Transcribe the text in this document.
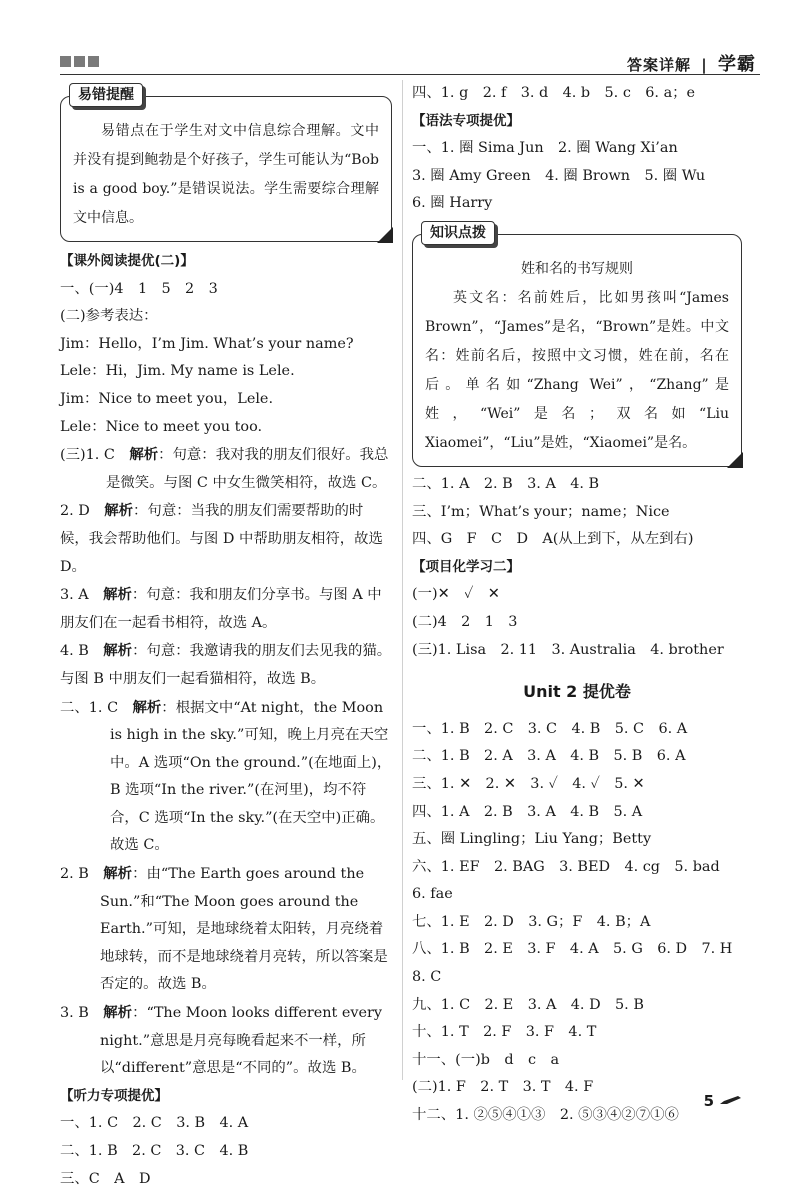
答案详解 | 学霸
易错提醒

易错点在于学生对文中信息综合理解。文中并没有提到鲍勃是个好孩子，学生可能认为“Bob is a good boy.”是错误说法。学生需要综合理解文中信息。

【课外阅读提优(二)】
一、(一)4　1　5　2　3
(二)参考表达：
Jim：Hello，I’m Jim. What’s your name?
Lele：Hi，Jim. My name is Lele.
Jim：Nice to meet you，Lele.
Lele：Nice to meet you too.
(三)1. C　解析：句意：我对我的朋友们很好。我总是微笑。与图 C 中女生微笑相符，故选 C。
2. D　解析：句意：当我的朋友们需要帮助的时候，我会帮助他们。与图 D 中帮助朋友相符，故选 D。
3. A　解析：句意：我和朋友们分享书。与图 A 中朋友们在一起看书相符，故选 A。
4. B　解析：句意：我邀请我的朋友们去见我的猫。与图 B 中朋友们一起看猫相符，故选 B。
二、1. C　解析：根据文中“At night，the Moon is high in the sky.”可知，晚上月亮在天空中。A 选项“On the ground.”(在地面上)，B 选项“In the river.”(在河里)，均不符合，C 选项“In the sky.”(在天空中)正确。故选 C。
2. B　解析：由“The Earth goes around the Sun.”和“The Moon goes around the Earth.”可知，是地球绕着太阳转，月亮绕着地球转，而不是地球绕着月亮转，所以答案是否定的。故选 B。
3. B　解析：“The Moon looks different every night.”意思是月亮每晚看起来不一样，所以“different”意思是“不同的”。故选 B。
【听力专项提优】
一、1. C　2. C　3. B　4. A
二、1. B　2. C　3. C　4. B
三、C　A　D
四、1. g　2. f　3. d　4. b　5. c　6. a；e
【语法专项提优】
一、1. 圈 Sima Jun　2. 圈 Wang Xi’an
3. 圈 Amy Green　4. 圈 Brown　5. 圈 Wu
6. 圈 Harry
知识点拨

姓和名的书写规则

英文名：名前姓后，比如男孩叫“James Brown”，“James”是名，“Brown”是姓。中文名：姓前名后，按照中文习惯，姓在前，名在后。单名如“Zhang Wei”，“Zhang”是姓，“Wei”是名；双名如“Liu Xiaomei”，“Liu”是姓，“Xiaomei”是名。

二、1. A　2. B　3. A　4. B
三、I’m；What’s your；name；Nice
四、G　F　C　D　A(从上到下，从左到右)
【项目化学习二】
(一)✕　✓　✕
(二)4　2　1　3
(三)1. Lisa　2. 11　3. Australia　4. brother
Unit 2 提优卷
一、1. B　2. C　3. C　4. B　5. C　6. A
二、1. B　2. A　3. A　4. B　5. B　6. A
三、1. ✕　2. ✕　3. ✓　4. ✓　5. ✕
四、1. A　2. B　3. A　4. B　5. A
五、圈 Lingling；Liu Yang；Betty
六、1. EF　2. BAG　3. BED　4. cg　5. bad
6. fae
七、1. E　2. D　3. G；F　4. B；A
八、1. B　2. E　3. F　4. A　5. G　6. D　7. H
8. C
九、1. C　2. E　3. A　4. D　5. B
十、1. T　2. F　3. F　4. T
十一、(一)b　d　c　a
(二)1. F　2. T　3. T　4. F
十二、1. ②⑤④①③　2. ⑤③④②⑦①⑥
5
